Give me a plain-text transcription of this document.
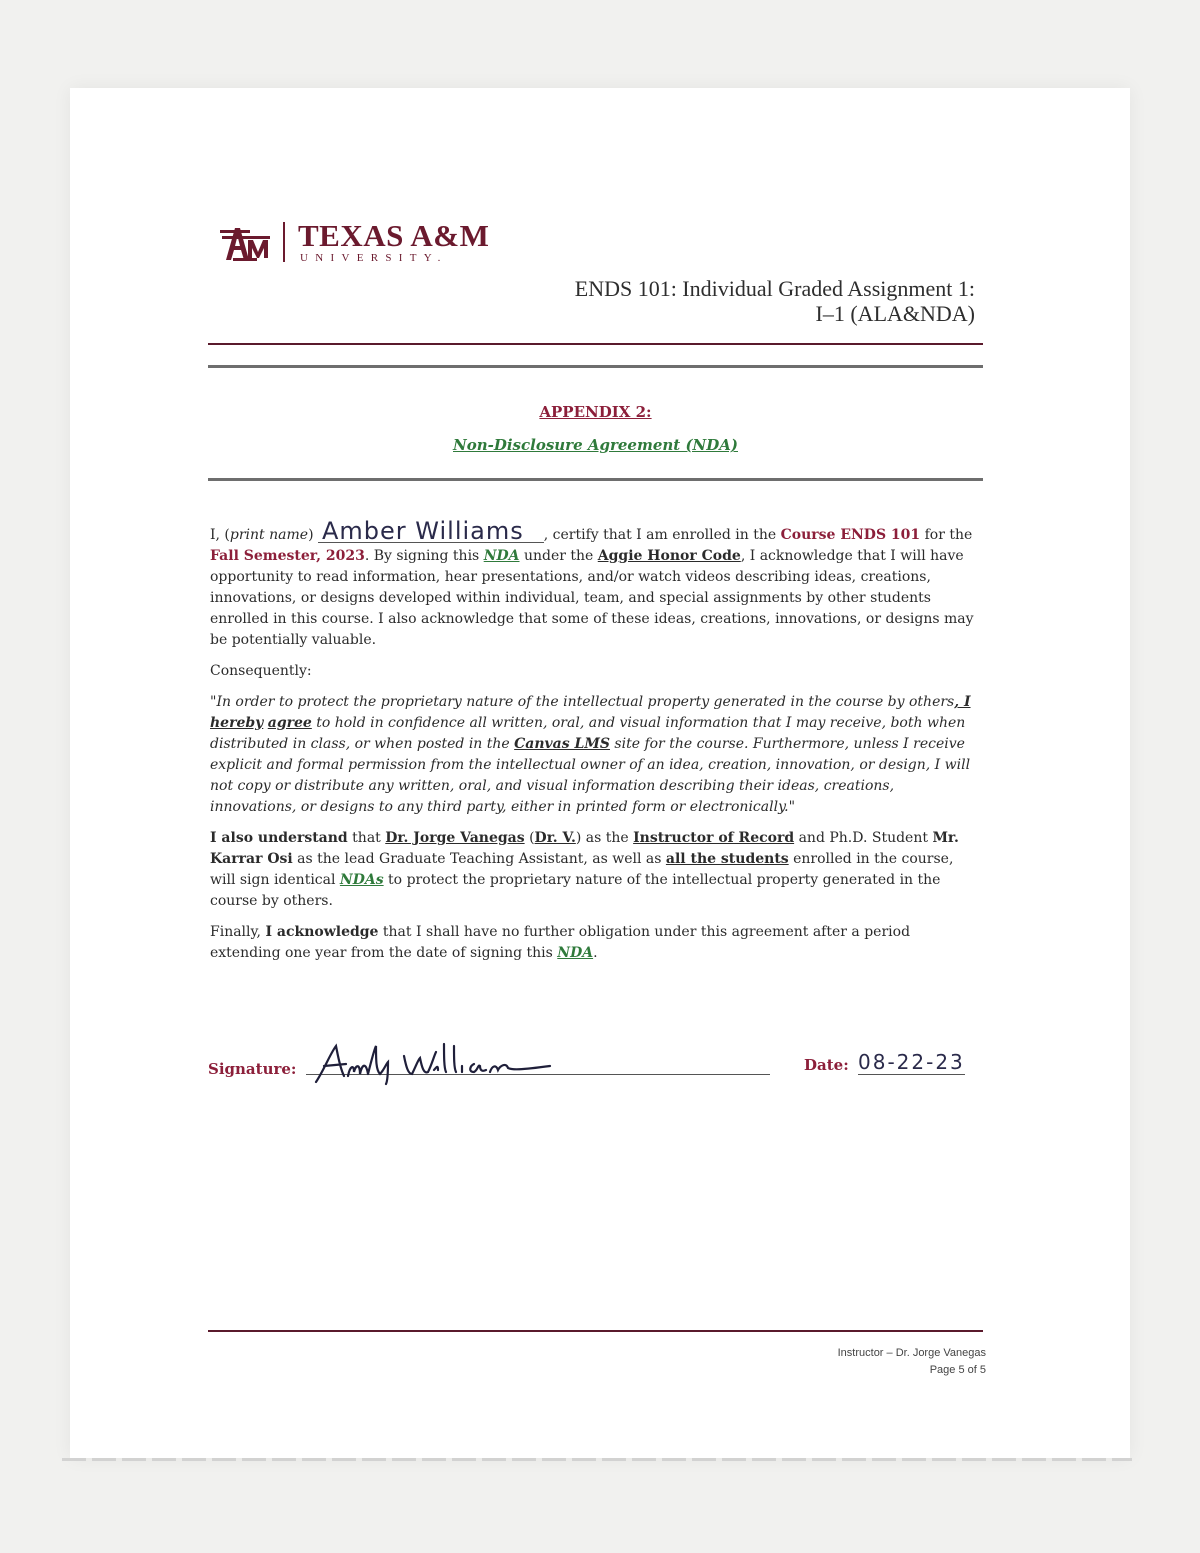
TEXAS A&M
UNIVERSITY.
ENDS 101: Individual Graded Assignment 1:
I–1 (ALA&NDA)
APPENDIX 2:
Non-Disclosure Agreement (NDA)

I, (print name) Amber Williams , certify that I am enrolled in the Course ENDS 101 for the Fall Semester, 2023. By signing this NDA under the Aggie Honor Code, I acknowledge that I will have opportunity to read information, hear presentations, and/or watch videos describing ideas, creations, innovations, or designs developed within individual, team, and special assignments by other students enrolled in this course. I also acknowledge that some of these ideas, creations, innovations, or designs may be potentially valuable.

Consequently:

"In order to protect the proprietary nature of the intellectual property generated in the course by others, I hereby agree to hold in confidence all written, oral, and visual information that I may receive, both when distributed in class, or when posted in the Canvas LMS site for the course. Furthermore, unless I receive explicit and formal permission from the intellectual owner of an idea, creation, innovation, or design, I will not copy or distribute any written, oral, and visual information describing their ideas, creations, innovations, or designs to any third party, either in printed form or electronically."

I also understand that Dr. Jorge Vanegas (Dr. V.) as the Instructor of Record and Ph.D. Student Mr. Karrar Osi as the lead Graduate Teaching Assistant, as well as all the students enrolled in the course, will sign identical NDAs to protect the proprietary nature of the intellectual property generated in the course by others.

Finally, I acknowledge that I shall have no further obligation under this agreement after a period extending one year from the date of signing this NDA.

Signature:	Date: 08-22-23
Instructor – Dr. Jorge Vanegas
Page 5 of 5
